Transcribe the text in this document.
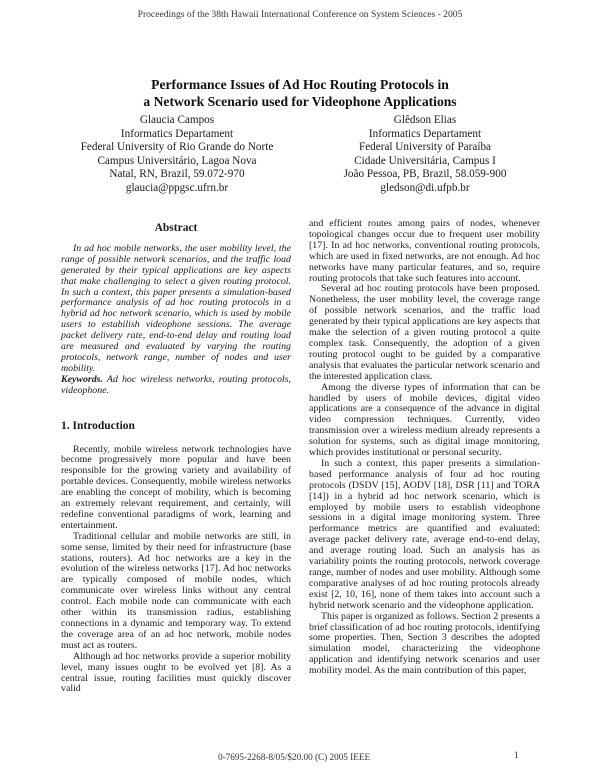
Proceedings of the 38th Hawaii International Conference on System Sciences - 2005
Performance Issues of Ad Hoc Routing Protocols in
a Network Scenario used for Videophone Applications
Glaucia Campos
Informatics Departament
Federal University of Rio Grande do Norte
Campus Universitário, Lagoa Nova
Natal, RN, Brazil, 59.072-970
glaucia@ppgsc.ufrn.br
Glêdson Elias
Informatics Departament
Federal University of Paraíba
Cidade Universitária, Campus I
João Pessoa, PB, Brazil, 58.059-900
gledson@di.ufpb.br
Abstract

In ad hoc mobile networks, the user mobility level, the range of possible network scenarios, and the traffic load generated by their typical applications are key aspects that make challenging to select a given routing protocol. In such a context, this paper presents a simulation-based performance analysis of ad hoc routing protocols in a hybrid ad hoc network scenario, which is used by mobile users to estabilish videophone sessions. The average packet delivery rate, end-to-end delay and routing load are measured and evaluated by varying the routing protocols, network range, number of nodes and user mobility.

Keywords. Ad hoc wireless networks, routing protocols, videophone.

1. Introduction

Recently, mobile wireless network technologies have become progressively more popular and have been responsible for the growing variety and availability of portable devices. Consequently, mobile wireless networks are enabling the concept of mobility, which is becoming an extremely relevant requirement, and certainly, will redefine conventional paradigms of work, learning and entertainment.

Traditional cellular and mobile networks are still, in some sense, limited by their need for infrastructure (base stations, routers). Ad hoc networks are a key in the evolution of the wireless networks [17]. Ad hoc networks are typically composed of mobile nodes, which communicate over wireless links without any central control. Each mobile node can communicate with each other within its transmission radius, establishing connections in a dynamic and temporary way. To extend the coverage area of an ad hoc network, mobile nodes must act as routers.

Although ad hoc networks provide a superior mobility level, many issues ought to be evolved yet [8]. As a central issue, routing facilities must quickly discover valid

and efficient routes among pairs of nodes, whenever topological changes occur due to frequent user mobility [17]. In ad hoc networks, conventional routing protocols, which are used in fixed networks, are not enough. Ad hoc networks have many particular features, and so, require routing protocols that take such features into account.

Several ad hoc routing protocols have been proposed. Nonetheless, the user mobility level, the coverage range of possible network scenarios, and the traffic load generated by their typical applications are key aspects that make the selection of a given routing protocol a quite complex task. Consequently, the adoption of a given routing protocol ought to be guided by a comparative analysis that evaluates the particular network scenario and the interested application class.

Among the diverse types of information that can be handled by users of mobile devices, digital video applications are a consequence of the advance in digital video compression techniques. Currently, video transmission over a wireless medium already represents a solution for systems, such as digital image monitoring, which provides institutional or personal security.

In such a context, this paper presents a simulation-based performance analysis of four ad hoc routing protocols (DSDV [15], AODV [18], DSR [11] and TORA [14]) in a hybrid ad hoc network scenario, which is employed by mobile users to establish videophone sessions in a digital image monitoring system. Three performance metrics are quantified and evaluated: average packet delivery rate, average end-to-end delay, and average routing load. Such an analysis has as variability points the routing protocols, network coverage range, number of nodes and user mobility. Although some comparative analyses of ad hoc routing protocols already exist [2, 10, 16], none of them takes into account such a hybrid network scenario and the videophone application.

This paper is organized as follows. Section 2 presents a brief classification of ad hoc routing protocols, identifying some properties. Then, Section 3 describes the adopted simulation model, characterizing the videophone application and identifying network scenarios and user mobility model. As the main contribution of this paper,

0-7695-2268-8/05/$20.00 (C) 2005 IEEE	1
